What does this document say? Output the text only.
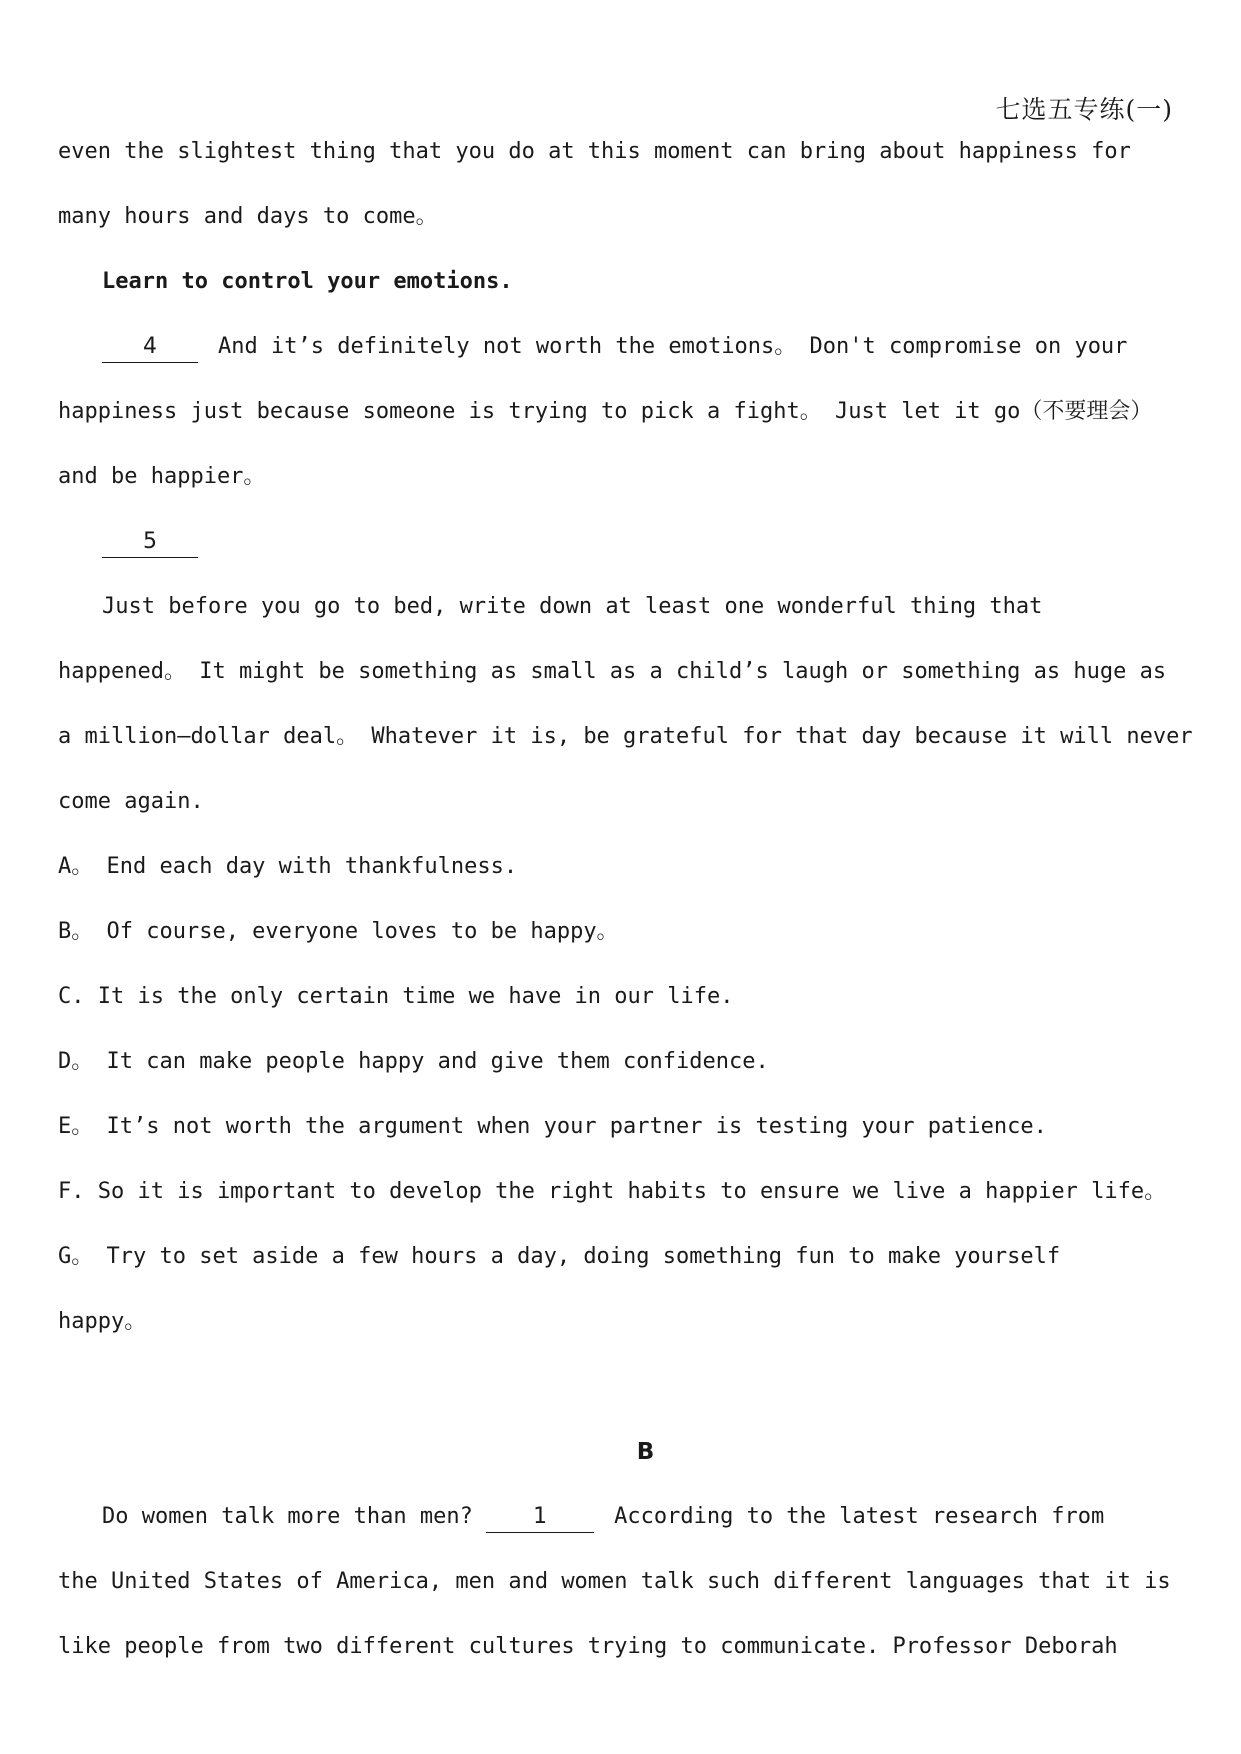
七选五专练(一)
even the slightest thing that you do at this moment can bring about happiness for
many hours and days to come。
Learn to control your emotions.
4	And it’s definitely not worth the emotions。 Don't compromise on your
happiness just because someone is trying to pick a fight。 Just let it go（不要理会）
and be happier。
5
Just before you go to bed, write down at least one wonderful thing that
happened。 It might be something as small as a child’s laugh or something as huge as
a million—dollar deal。 Whatever it is, be grateful for that day because it will never
come again.
A。 End each day with thankfulness.
B。 Of course, everyone loves to be happy。
C. It is the only certain time we have in our life.
D。 It can make people happy and give them confidence.
E。 It’s not worth the argument when your partner is testing your patience.
F. So it is important to develop the right habits to ensure we live a happier life。
G。 Try to set aside a few hours a day, doing something fun to make yourself
happy。
B
Do women talk more than men?	1	According to the latest research from
the United States of America, men and women talk such different languages that it is
like people from two different cultures trying to communicate. Professor Deborah
